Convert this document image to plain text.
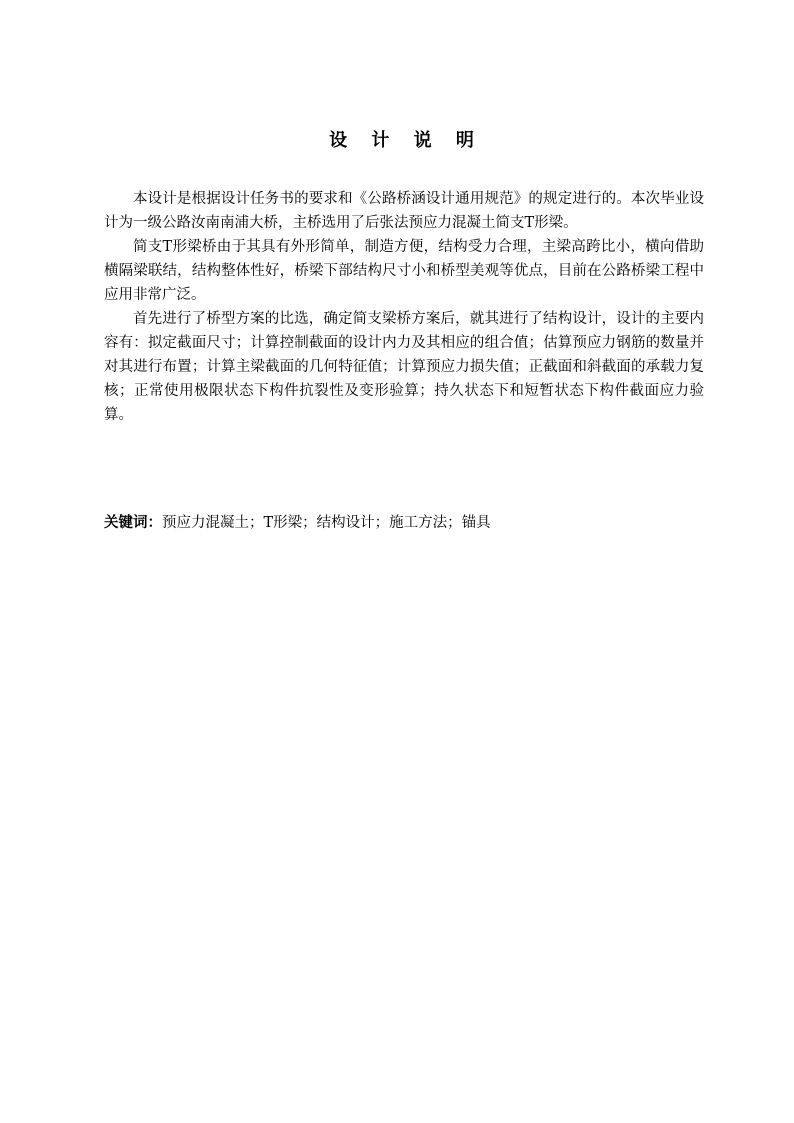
设 计 说 明

本设计是根据设计任务书的要求和《公路桥涵设计通用规范》的规定进行的。本次毕业设计为一级公路汝南南浦大桥，主桥选用了后张法预应力混凝土简支T形梁。

简支T形梁桥由于其具有外形简单，制造方便，结构受力合理，主梁高跨比小，横向借助横隔梁联结，结构整体性好，桥梁下部结构尺寸小和桥型美观等优点，目前在公路桥梁工程中应用非常广泛。

首先进行了桥型方案的比选，确定简支梁桥方案后，就其进行了结构设计，设计的主要内容有：拟定截面尺寸；计算控制截面的设计内力及其相应的组合值；估算预应力钢筋的数量并对其进行布置；计算主梁截面的几何特征值；计算预应力损失值；正截面和斜截面的承载力复核；正常使用极限状态下构件抗裂性及变形验算；持久状态下和短暂状态下构件截面应力验算。

关键词：预应力混凝土；T形梁；结构设计；施工方法；锚具
